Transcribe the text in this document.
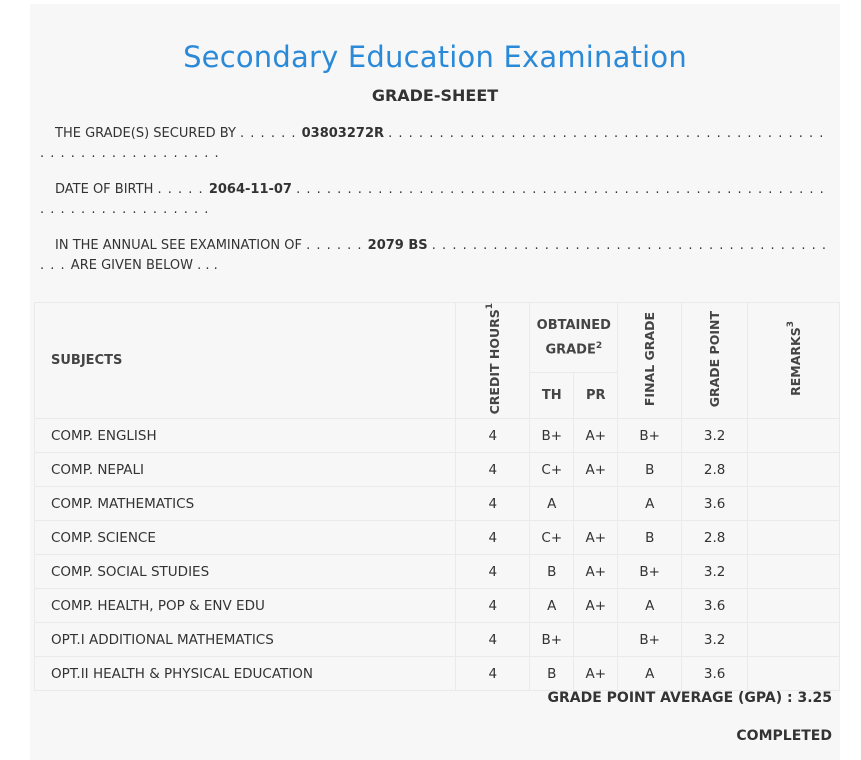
Secondary Education Examination
GRADE-SHEET
THE GRADE(S) SECURED BY . . . . . . 03803272R . . . . . . . . . . . . . . . . . . . . . . . . . . . . . . . . . . . . . . . . . . . . . . . . . . . . . . . . . . . . .
DATE OF BIRTH . . . . . 2064-11-07 . . . . . . . . . . . . . . . . . . . . . . . . . . . . . . . . . . . . . . . . . . . . . . . . . . . . . . . . . . . . . . . . . . . . .
IN THE ANNUAL SEE EXAMINATION OF . . . . . . 2079 BS . . . . . . . . . . . . . . . . . . . . . . . . . . . . . . . . . . . . . . . . . . ARE GIVEN BELOW . . .
SUBJECTS	CREDIT HOURS$^1$	OBTAINED GRADE$^2$		FINAL GRADE	GRADE POINT	REMARKS$^3$
		TH	PR			
COMP. ENGLISH	4	B+	A+	B+	3.2	
COMP. NEPALI	4	C+	A+	B	2.8	
COMP. MATHEMATICS	4	A		A	3.6	
COMP. SCIENCE	4	C+	A+	B	2.8	
COMP. SOCIAL STUDIES	4	B	A+	B+	3.2	
COMP. HEALTH, POP & ENV EDU	4	A	A+	A	3.6	
OPT.I ADDITIONAL MATHEMATICS	4	B+		B+	3.2	
OPT.II HEALTH & PHYSICAL EDUCATION	4	B	A+	A	3.6	
GRADE POINT AVERAGE (GPA) : 3.25
COMPLETED
